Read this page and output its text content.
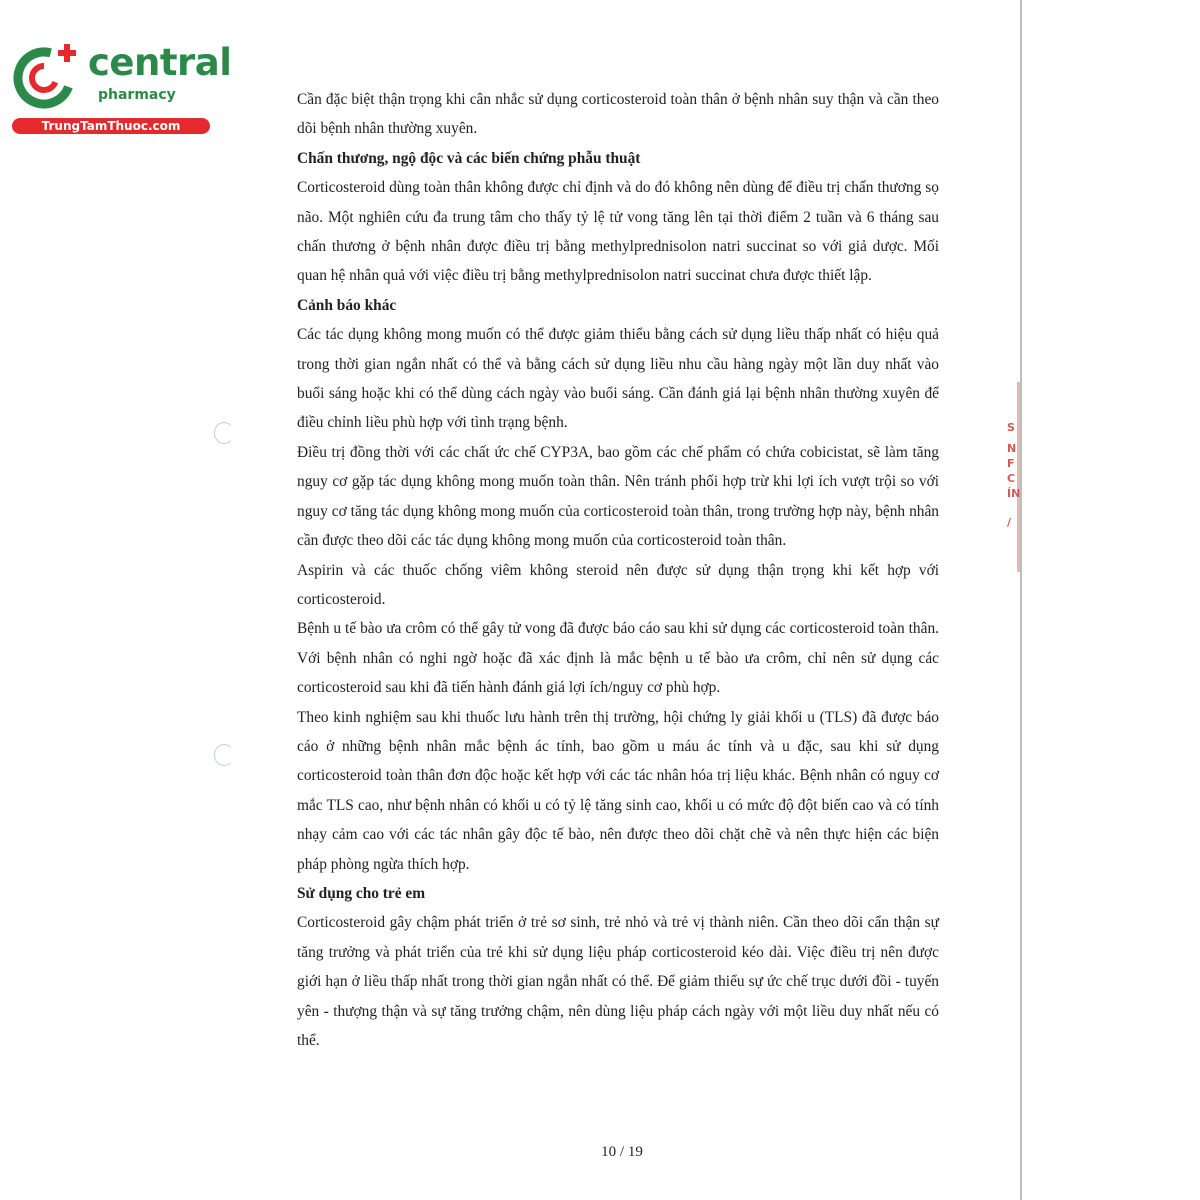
central
pharmacy
TrungTamThuoc.com
S
N
F
C
ÍN
/

Cần đặc biệt thận trọng khi cân nhắc sử dụng corticosteroid toàn thân ở bệnh nhân suy thận và cần theo dõi bệnh nhân thường xuyên.

Chấn thương, ngộ độc và các biến chứng phẫu thuật

Corticosteroid dùng toàn thân không được chỉ định và do đó không nên dùng để điều trị chấn thương sọ não. Một nghiên cứu đa trung tâm cho thấy tỷ lệ tử vong tăng lên tại thời điểm 2 tuần và 6 tháng sau chấn thương ở bệnh nhân được điều trị bằng methylprednisolon natri succinat so với giả dược. Mối quan hệ nhân quả với việc điều trị bằng methylprednisolon natri succinat chưa được thiết lập.

Cảnh báo khác

Các tác dụng không mong muốn có thể được giảm thiểu bằng cách sử dụng liều thấp nhất có hiệu quả trong thời gian ngắn nhất có thể và bằng cách sử dụng liều nhu cầu hàng ngày một lần duy nhất vào buổi sáng hoặc khi có thể dùng cách ngày vào buổi sáng. Cần đánh giá lại bệnh nhân thường xuyên để điều chỉnh liều phù hợp với tình trạng bệnh.

Điều trị đồng thời với các chất ức chế CYP3A, bao gồm các chế phẩm có chứa cobicistat, sẽ làm tăng nguy cơ gặp tác dụng không mong muốn toàn thân. Nên tránh phối hợp trừ khi lợi ích vượt trội so với nguy cơ tăng tác dụng không mong muốn của corticosteroid toàn thân, trong trường hợp này, bệnh nhân cần được theo dõi các tác dụng không mong muốn của corticosteroid toàn thân.

Aspirin và các thuốc chống viêm không steroid nên được sử dụng thận trọng khi kết hợp với corticosteroid.

Bệnh u tế bào ưa crôm có thể gây tử vong đã được báo cáo sau khi sử dụng các corticosteroid toàn thân. Với bệnh nhân có nghi ngờ hoặc đã xác định là mắc bệnh u tế bào ưa crôm, chỉ nên sử dụng các corticosteroid sau khi đã tiến hành đánh giá lợi ích/nguy cơ phù hợp.

Theo kinh nghiệm sau khi thuốc lưu hành trên thị trường, hội chứng ly giải khối u (TLS) đã được báo cáo ở những bệnh nhân mắc bệnh ác tính, bao gồm u máu ác tính và u đặc, sau khi sử dụng corticosteroid toàn thân đơn độc hoặc kết hợp với các tác nhân hóa trị liệu khác. Bệnh nhân có nguy cơ mắc TLS cao, như bệnh nhân có khối u có tỷ lệ tăng sinh cao, khối u có mức độ đột biến cao và có tính nhạy cảm cao với các tác nhân gây độc tế bào, nên được theo dõi chặt chẽ và nên thực hiện các biện pháp phòng ngừa thích hợp.

Sử dụng cho trẻ em

Corticosteroid gây chậm phát triển ở trẻ sơ sinh, trẻ nhỏ và trẻ vị thành niên. Cần theo dõi cẩn thận sự tăng trưởng và phát triển của trẻ khi sử dụng liệu pháp corticosteroid kéo dài. Việc điều trị nên được giới hạn ở liều thấp nhất trong thời gian ngắn nhất có thể. Để giảm thiểu sự ức chế trục dưới đồi - tuyến yên - thượng thận và sự tăng trưởng chậm, nên dùng liệu pháp cách ngày với một liều duy nhất nếu có thể.

10 / 19
